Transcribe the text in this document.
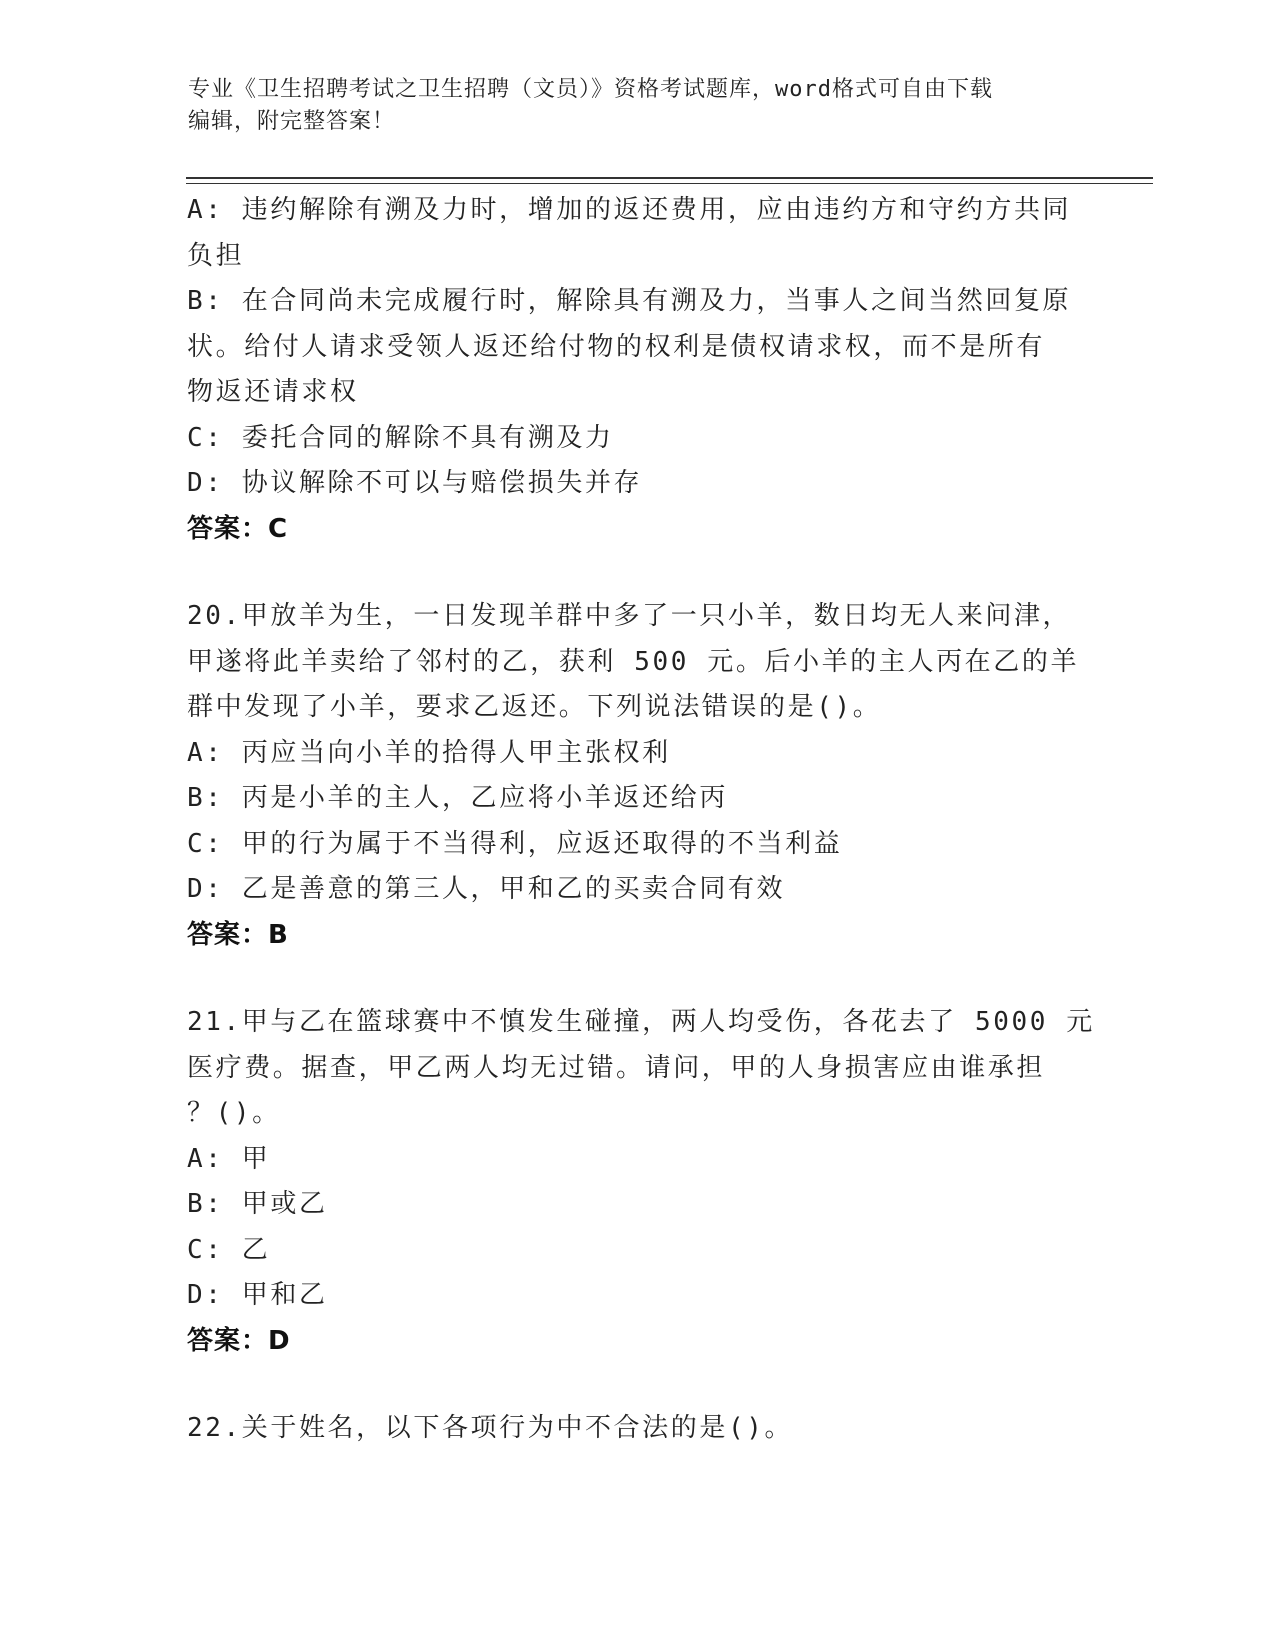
专业《卫生招聘考试之卫生招聘（文员）》资格考试题库，word格式可自由下载
编辑，附完整答案！
A: 违约解除有溯及力时，增加的返还费用，应由违约方和守约方共同
负担
B: 在合同尚未完成履行时，解除具有溯及力，当事人之间当然回复原
状。给付人请求受领人返还给付物的权利是债权请求权，而不是所有
物返还请求权
C: 委托合同的解除不具有溯及力
D: 协议解除不可以与赔偿损失并存
答案：C
20.甲放羊为生，一日发现羊群中多了一只小羊，数日均无人来问津，
甲遂将此羊卖给了邻村的乙，获利 500 元。后小羊的主人丙在乙的羊
群中发现了小羊，要求乙返还。下列说法错误的是()。
A: 丙应当向小羊的拾得人甲主张权利
B: 丙是小羊的主人，乙应将小羊返还给丙
C: 甲的行为属于不当得利，应返还取得的不当利益
D: 乙是善意的第三人，甲和乙的买卖合同有效
答案：B
21.甲与乙在篮球赛中不慎发生碰撞，两人均受伤，各花去了 5000 元
医疗费。据查，甲乙两人均无过错。请问，甲的人身损害应由谁承担
？()。
A: 甲
B: 甲或乙
C: 乙
D: 甲和乙
答案：D
22.关于姓名，以下各项行为中不合法的是()。
